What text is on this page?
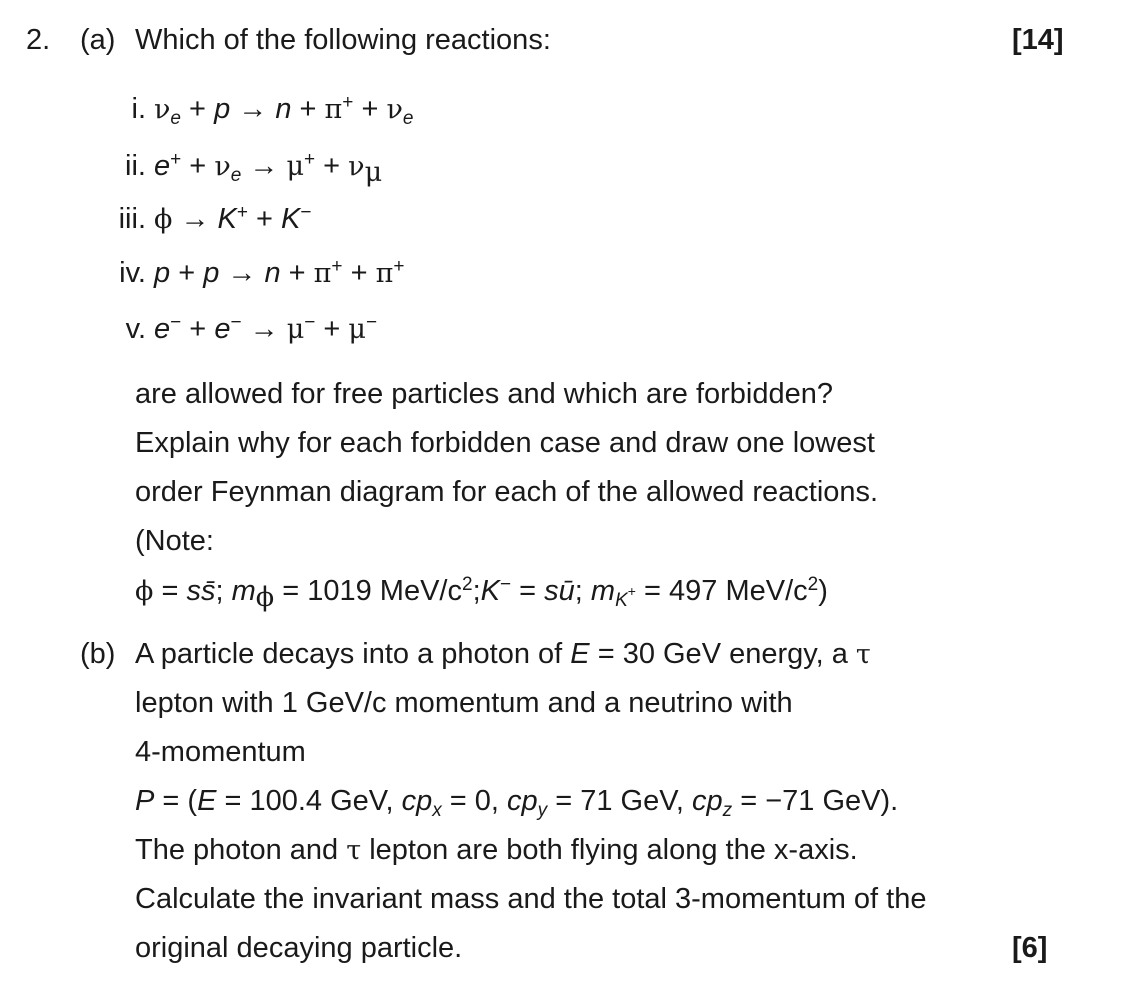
2. (a) Which of the following reactions:	[14]
i. $\nu_e + p \to n + \pi^+ + \nu_e$
ii. $e^+ + \nu_e \to \mu^+ + \nu_\mu$
iii. ϕ → K+ + K−
iv. p + p → n + π+ + π+
v. e− + e− → μ− + μ−
are allowed for free particles and which are forbidden?
Explain why for each forbidden case and draw one lowest
order Feynman diagram for each of the allowed reactions.
(Note:
ϕ = ss̄; $m_\phi = 1019$ MeV/$c^2;K^-$ = sū; $m_{K^+} = 497$ MeV/$c^2$)
(b) A particle decays into a photon of E = 30 GeV energy, a τ
lepton with 1 GeV/c momentum and a neutrino with
4-momentum
P = (E = 100.4 GeV, $cp_x = 0$, $cp_y = 71$ GeV, $cp_z = -71$ GeV).
The photon and τ lepton are both flying along the x-axis.
Calculate the invariant mass and the total 3-momentum of the
original decaying particle.	[6]
